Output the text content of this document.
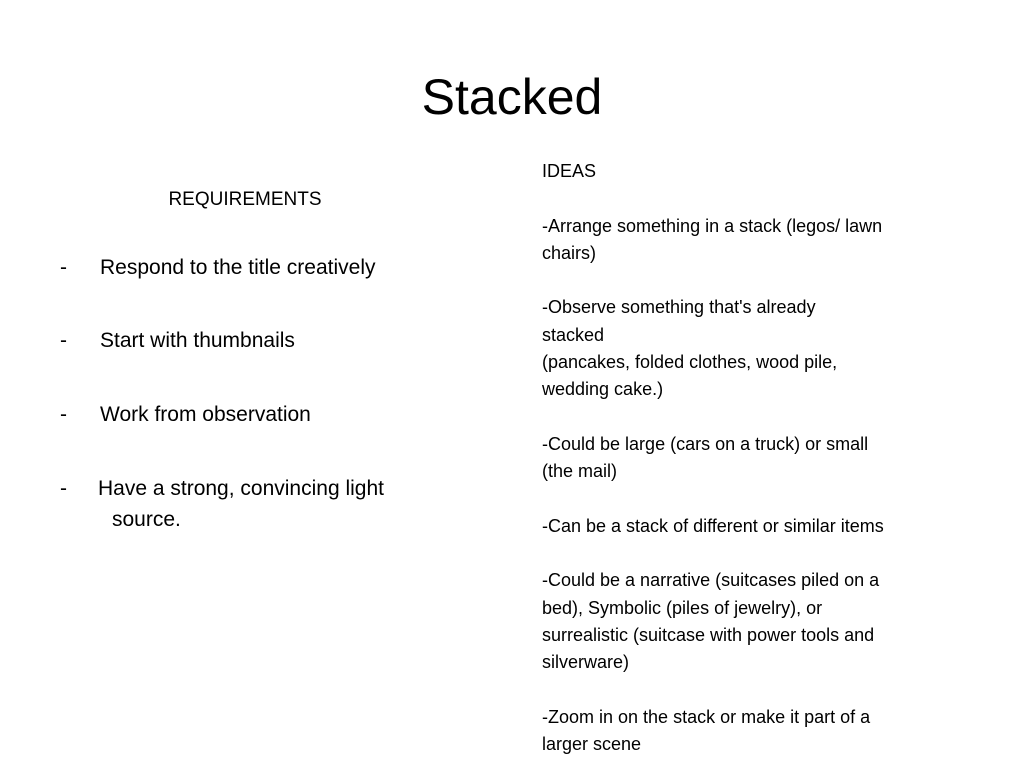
Stacked
REQUIREMENTS
-	Respond to the title creatively
-	Start with thumbnails
-	Work from observation
-	Have a strong, convincing light
source.

IDEAS

-Arrange something in a stack (legos/ lawn

chairs)

-Observe something that's already

stacked

(pancakes, folded clothes, wood pile,

wedding cake.)

-Could be large (cars on a truck) or small

(the mail)

-Can be a stack of different or similar items

-Could be a narrative (suitcases piled on a

bed), Symbolic (piles of jewelry), or

surrealistic (suitcase with power tools and

silverware)

-Zoom in on the stack or make it part of a

larger scene
